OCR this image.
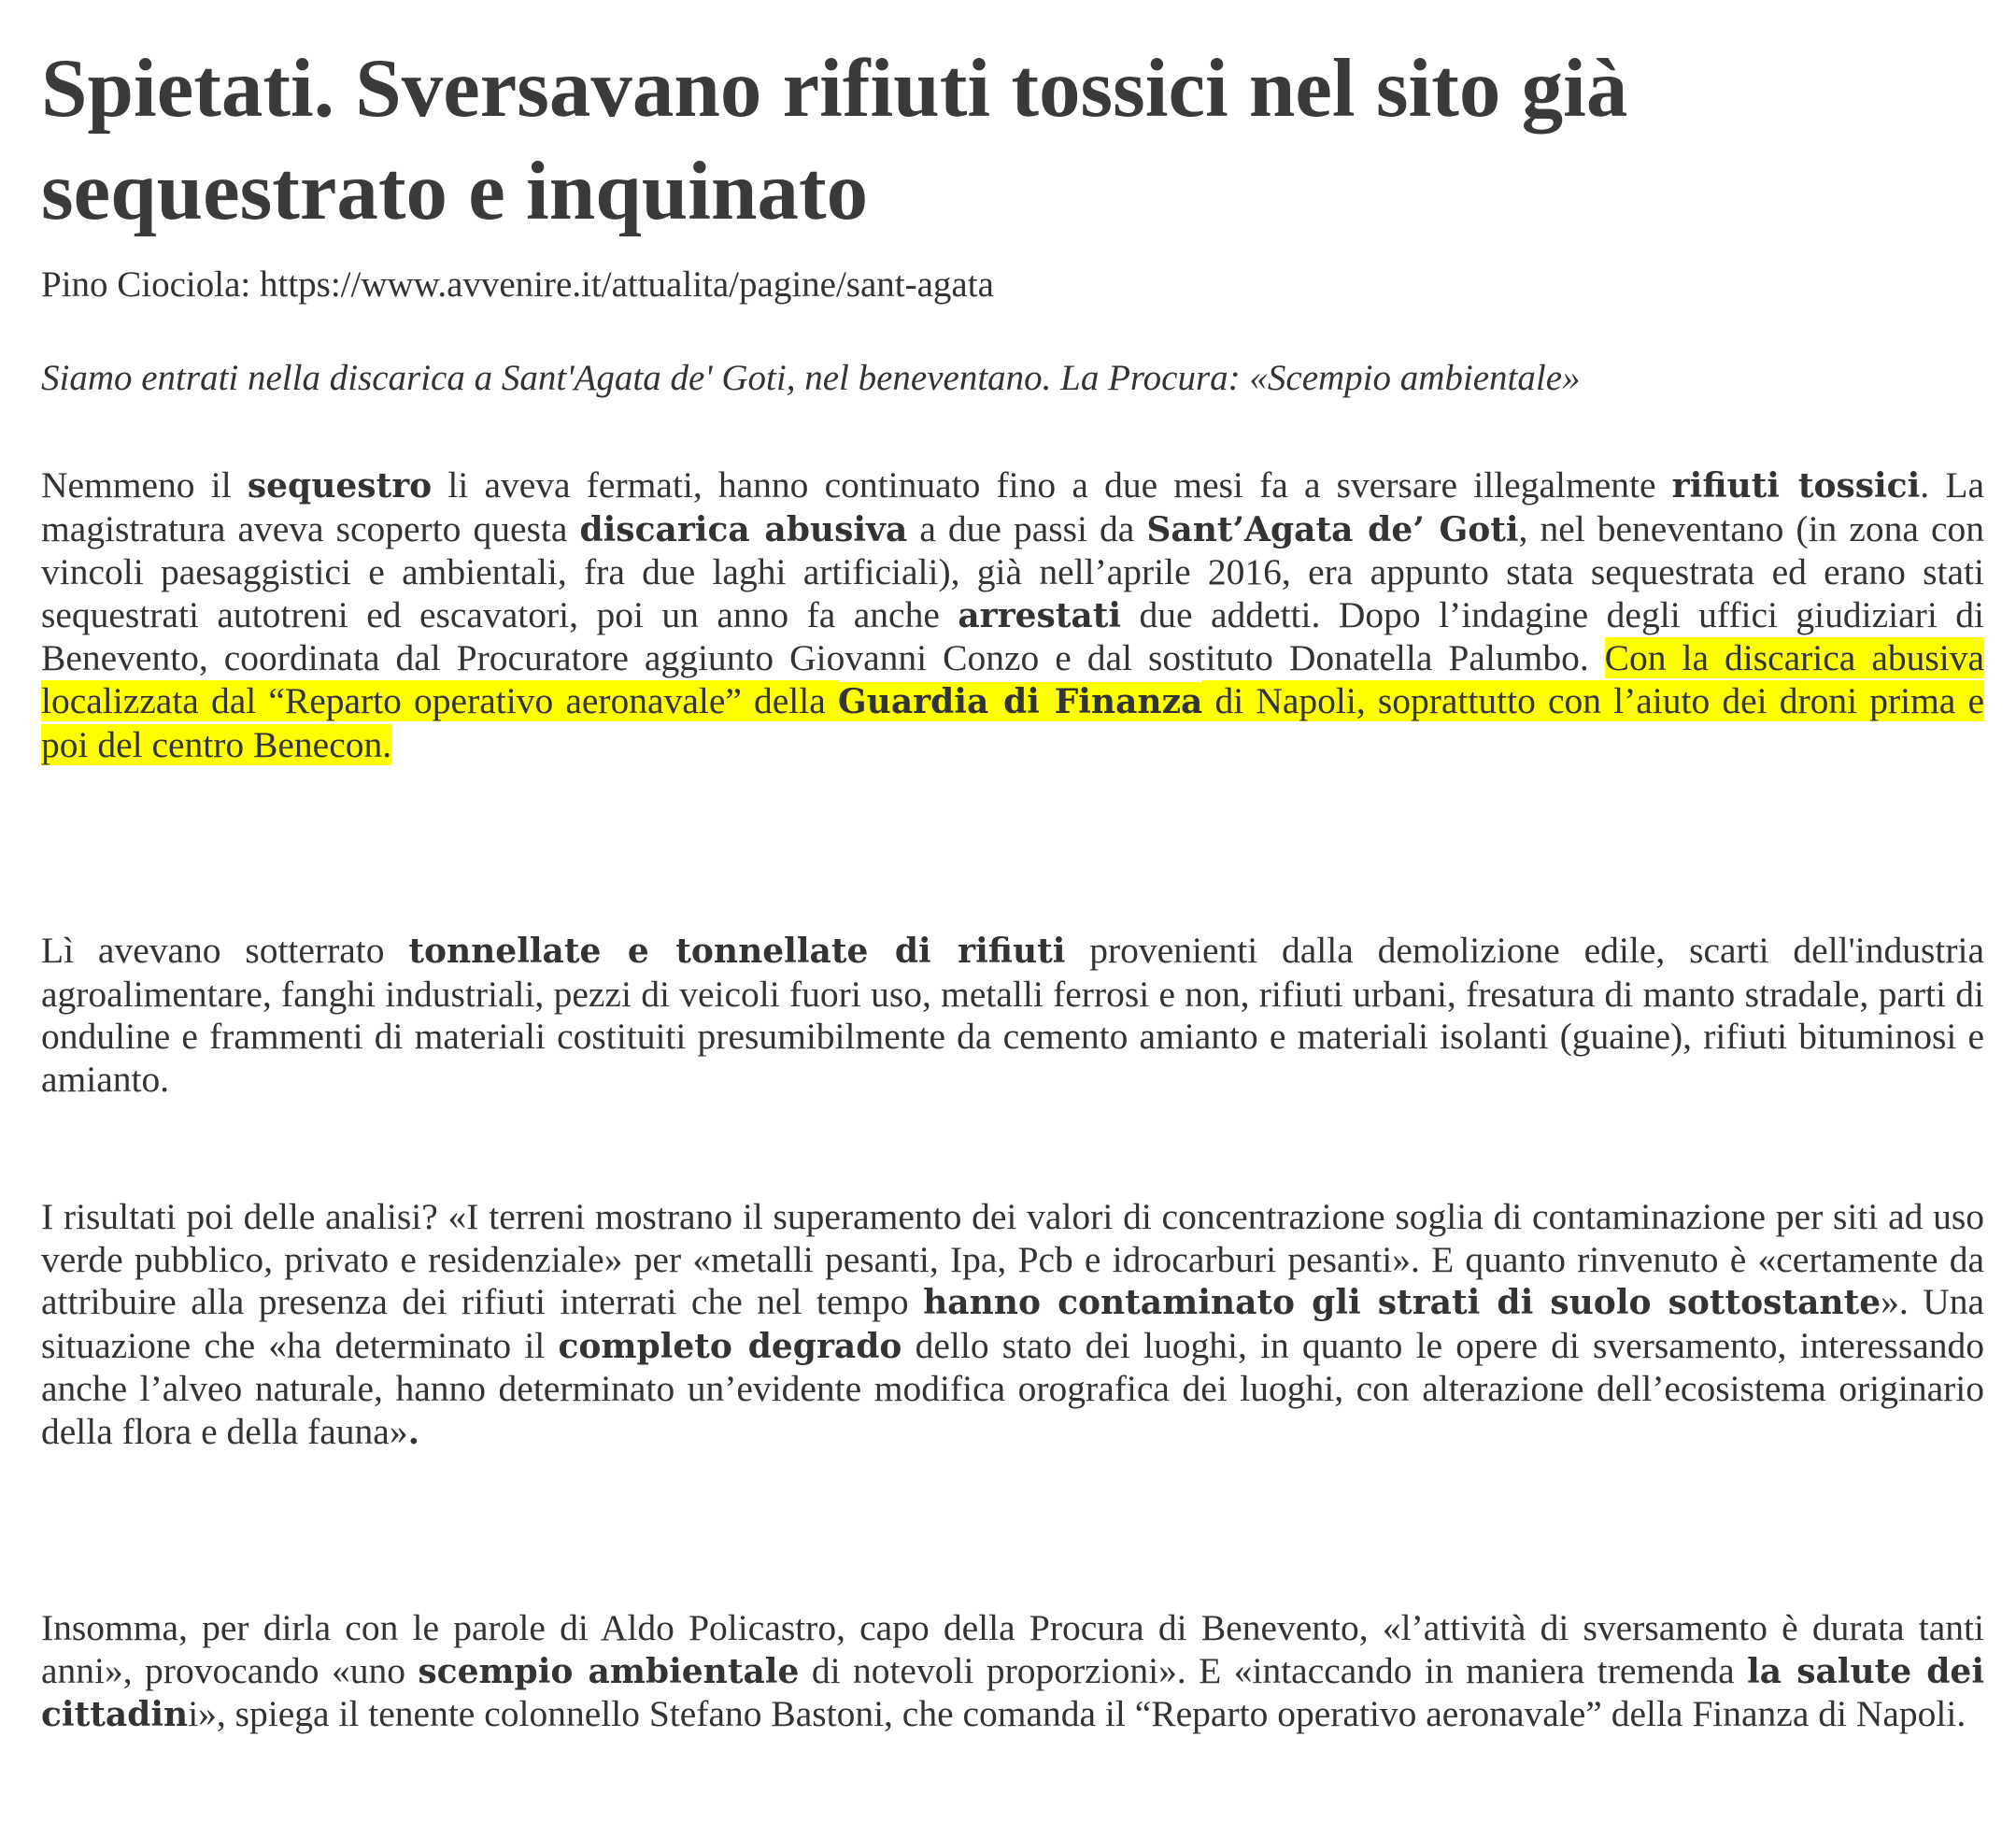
Spietati. Sversavano rifiuti tossici nel sito già sequestrato e inquinato
Pino Ciociola: https://www.avvenire.it/attualita/pagine/sant-agata
Siamo entrati nella discarica a Sant'Agata de' Goti, nel beneventano. La Procura: «Scempio ambientale»

Nemmeno il sequestro li aveva fermati, hanno continuato fino a due mesi fa a sversare illegalmente rifiuti tossici. La magistratura aveva scoperto questa discarica abusiva a due passi da Sant’Agata de’ Goti, nel beneventano (in zona con vincoli paesaggistici e ambientali, fra due laghi artificiali), già nell’aprile 2016, era appunto stata sequestrata ed erano stati sequestrati autotreni ed escavatori, poi un anno fa anche arrestati due addetti. Dopo l’indagine degli uffici giudiziari di Benevento, coordinata dal Procuratore aggiunto Giovanni Conzo e dal sostituto Donatella Palumbo. Con la discarica abusiva localizzata dal “Reparto operativo aeronavale” della Guardia di Finanza di Napoli, soprattutto con l’aiuto dei droni prima e poi del centro Benecon.

Lì avevano sotterrato tonnellate e tonnellate di rifiuti provenienti dalla demolizione edile, scarti dell'industria agroalimentare, fanghi industriali, pezzi di veicoli fuori uso, metalli ferrosi e non, rifiuti urbani, fresatura di manto stradale, parti di onduline e frammenti di materiali costituiti presumibilmente da cemento amianto e materiali isolanti (guaine), rifiuti bituminosi e amianto.

I risultati poi delle analisi? «I terreni mostrano il superamento dei valori di concentrazione soglia di contaminazione per siti ad uso verde pubblico, privato e residenziale» per «metalli pesanti, Ipa, Pcb e idrocarburi pesanti». E quanto rinvenuto è «certamente da attribuire alla presenza dei rifiuti interrati che nel tempo hanno contaminato gli strati di suolo sottostante». Una situazione che «ha determinato il completo degrado dello stato dei luoghi, in quanto le opere di sversamento, interessando anche l’alveo naturale, hanno determinato un’evidente modifica orografica dei luoghi, con alterazione dell’ecosistema originario della flora e della fauna».

Insomma, per dirla con le parole di Aldo Policastro, capo della Procura di Benevento, «l’attività di sversamento è durata tanti anni», provocando «uno scempio ambientale di notevoli proporzioni». E «intaccando in maniera tremenda la salute dei cittadini», spiega il tenente colonnello Stefano Bastoni, che comanda il “Reparto operativo aeronavale” della Finanza di Napoli.
